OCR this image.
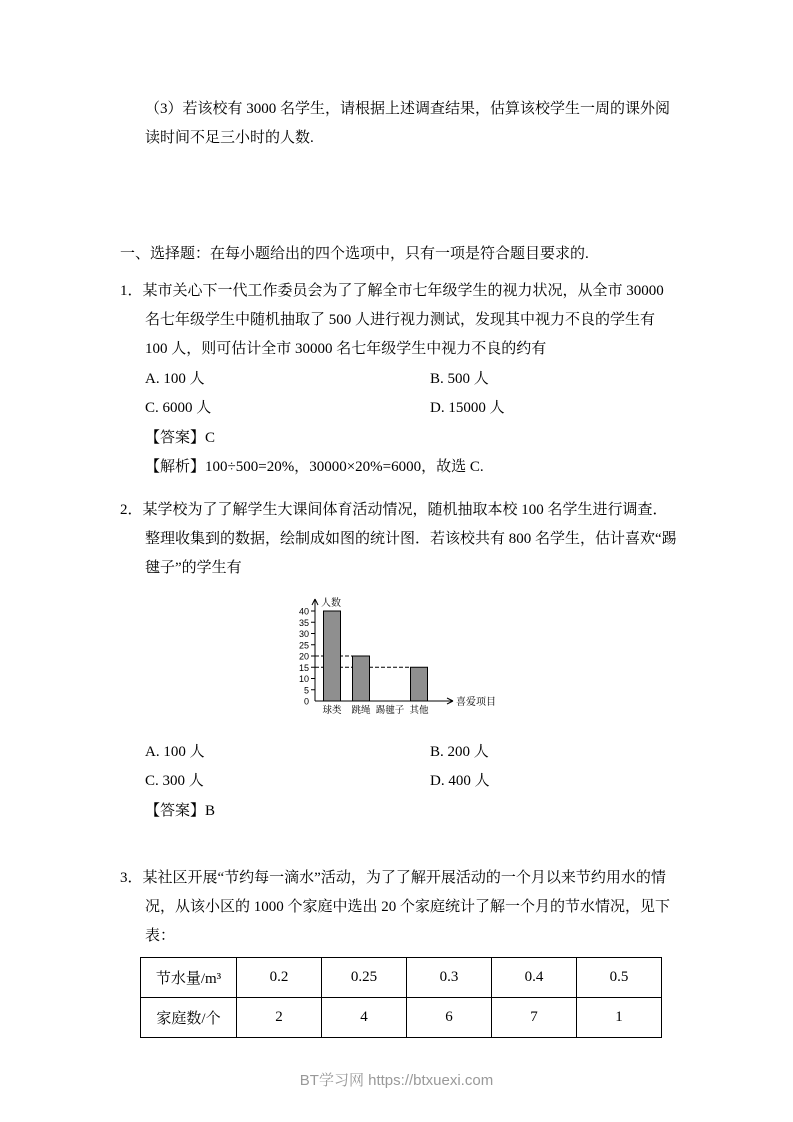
（3）若该校有 3000 名学生，请根据上述调查结果，估算该校学生一周的课外阅读时间不足三小时的人数.

一、选择题：在每小题给出的四个选项中，只有一项是符合题目要求的.

1．某市关心下一代工作委员会为了了解全市七年级学生的视力状况，从全市 30000 名七年级学生中随机抽取了 500 人进行视力测试，发现其中视力不良的学生有 100 人，则可估计全市 30000 名七年级学生中视力不良的约有

A. 100 人	B. 500 人
C. 6000 人	D. 15000 人

【答案】C

【解析】100÷500=20%，30000×20%=6000，故选 C.

2．某学校为了了解学生大课间体育活动情况，随机抽取本校 100 名学生进行调查．整理收集到的数据，绘制成如图的统计图．若该校共有 800 名学生，估计喜欢“踢毽子”的学生有

0
5
10
15
20
25
30
35
40
人数
喜爱项目
球类 跳绳 踢毽子 其他
A. 100 人	B. 200 人
C. 300 人	D. 400 人

【答案】B

3．某社区开展“节约每一滴水”活动，为了了解开展活动的一个月以来节约用水的情况，从该小区的 1000 个家庭中选出 20 个家庭统计了解一个月的节水情况，见下表：

节水量/m³	0.2	0.25	0.3	0.4	0.5
家庭数/个	2	4	6	7	1
BT学习网 https://btxuexi.com
